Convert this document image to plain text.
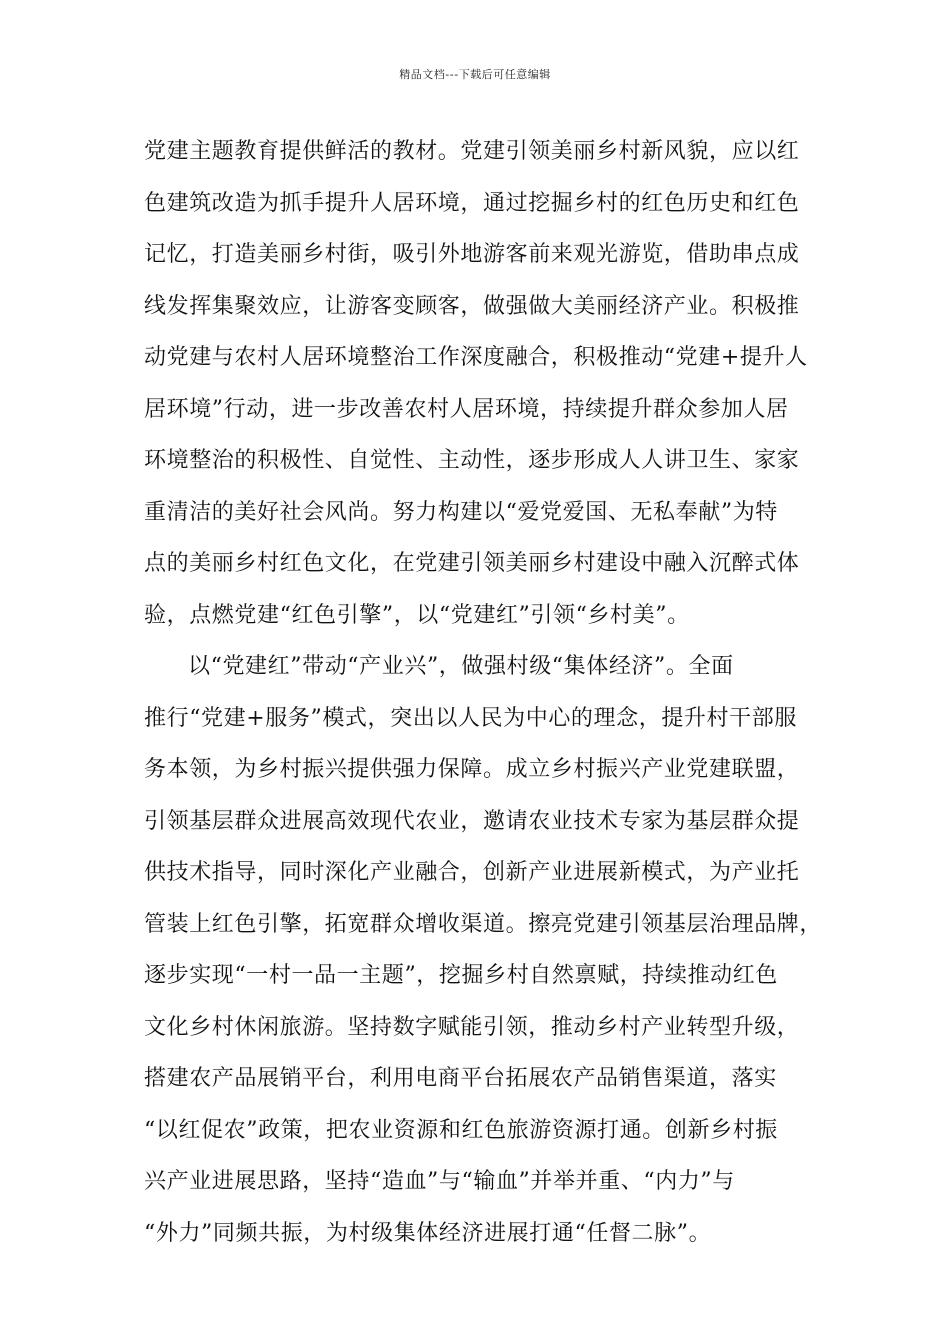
精品文档---下载后可任意编辑
党建主题教育提供鲜活的教材。党建引领美丽乡村新风貌，应以红
色建筑改造为抓手提升人居环境，通过挖掘乡村的红色历史和红色
记忆，打造美丽乡村街，吸引外地游客前来观光游览，借助串点成
线发挥集聚效应，让游客变顾客，做强做大美丽经济产业。积极推
动党建与农村人居环境整治工作深度融合，积极推动“党建+提升人
居环境”行动，进一步改善农村人居环境，持续提升群众参加人居
环境整治的积极性、自觉性、主动性，逐步形成人人讲卫生、家家
重清洁的美好社会风尚。努力构建以“爱党爱国、无私奉献”为特
点的美丽乡村红色文化，在党建引领美丽乡村建设中融入沉醉式体
验，点燃党建“红色引擎”，以“党建红”引领“乡村美”。
以“党建红”带动“产业兴”，做强村级“集体经济”。全面
推行“党建+服务”模式，突出以人民为中心的理念，提升村干部服
务本领，为乡村振兴提供强力保障。成立乡村振兴产业党建联盟，
引领基层群众进展高效现代农业，邀请农业技术专家为基层群众提
供技术指导，同时深化产业融合，创新产业进展新模式，为产业托
管装上红色引擎，拓宽群众增收渠道。擦亮党建引领基层治理品牌，
逐步实现“一村一品一主题”，挖掘乡村自然禀赋，持续推动红色
文化乡村休闲旅游。坚持数字赋能引领，推动乡村产业转型升级，
搭建农产品展销平台，利用电商平台拓展农产品销售渠道，落实
“以红促农”政策，把农业资源和红色旅游资源打通。创新乡村振
兴产业进展思路，坚持“造血”与“输血”并举并重、“内力”与
“外力”同频共振，为村级集体经济进展打通“任督二脉”。
